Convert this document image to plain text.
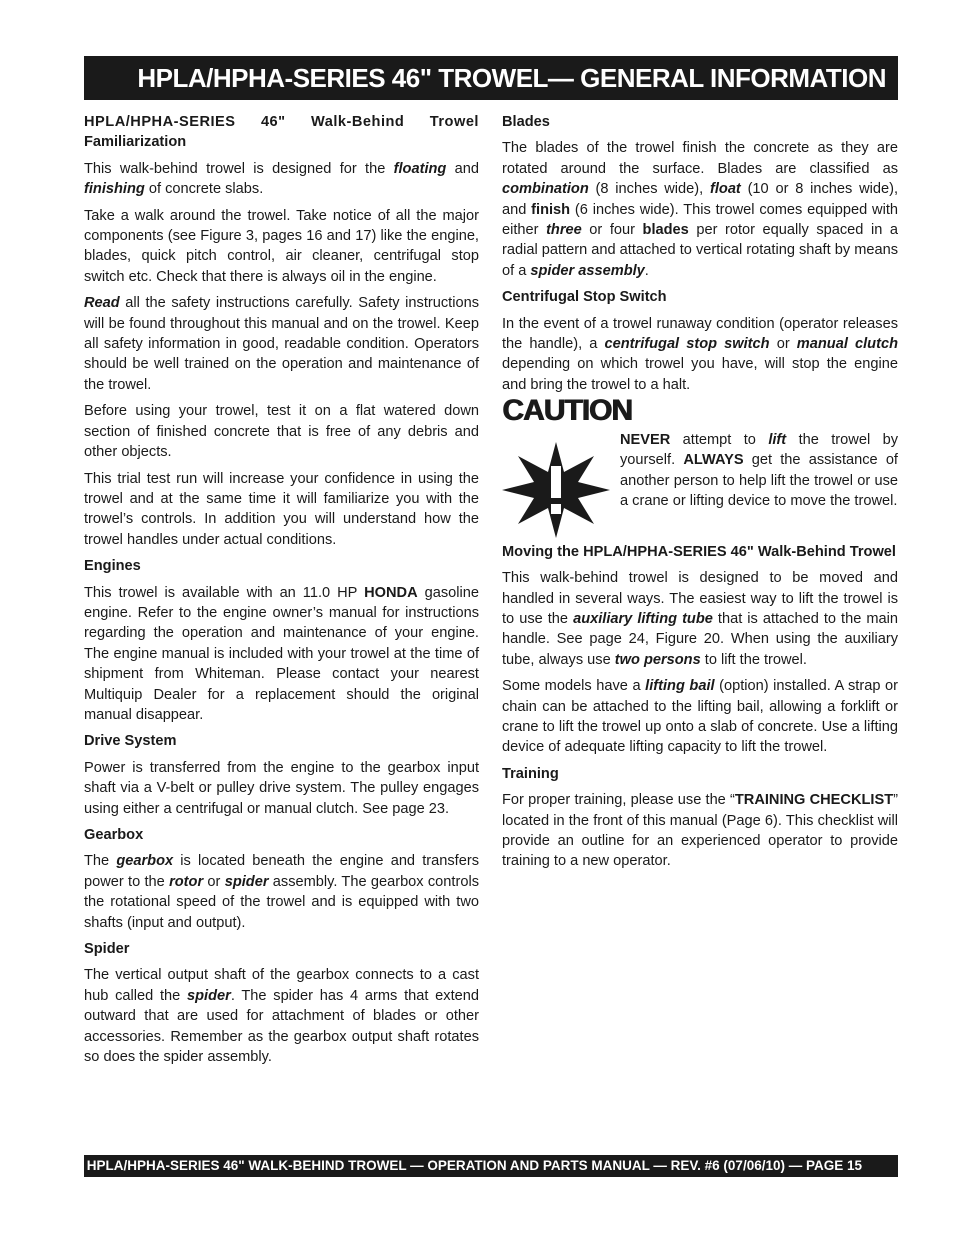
HPLA/HPHA-SERIES 46" TROWEL— GENERAL INFORMATION
HPLA/HPHA-SERIES 46" Walk-Behind Trowel
Familiarization

This walk-behind trowel is designed for the floating and finishing of concrete slabs.

Take a walk around the trowel. Take notice of all the major components (see Figure 3, pages 16 and 17) like the engine, blades, quick pitch control, air cleaner, centrifugal stop switch etc. Check that there is always oil in the engine.

Read all the safety instructions carefully. Safety instructions will be found throughout this manual and on the trowel. Keep all safety information in good, readable condition. Operators should be well trained on the operation and maintenance of the trowel.

Before using your trowel, test it on a flat watered down section of finished concrete that is free of any debris and other objects.

This trial test run will increase your confidence in using the trowel and at the same time it will familiarize you with the trowel’s controls. In addition you will understand how the trowel handles under actual conditions.

Engines

This trowel is available with an 11.0 HP HONDA gasoline engine. Refer to the engine owner’s manual for instructions regarding the operation and maintenance of your engine. The engine manual is included with your trowel at the time of shipment from Whiteman. Please contact your nearest Multiquip Dealer for a replacement should the original manual disappear.

Drive System

Power is transferred from the engine to the gearbox input shaft via a V-belt or pulley drive system. The pulley engages using either a centrifugal or manual clutch. See page 23.

Gearbox

The gearbox is located beneath the engine and transfers power to the rotor or spider assembly. The gearbox controls the rotational speed of the trowel and is equipped with two shafts (input and output).

Spider

The vertical output shaft of the gearbox connects to a cast hub called the spider. The spider has 4 arms that extend outward that are used for attachment of blades or other accessories. Remember as the gearbox output shaft rotates so does the spider assembly.

Blades

The blades of the trowel finish the concrete as they are rotated around the surface. Blades are classified as combination (8 inches wide), float (10 or 8 inches wide), and finish (6 inches wide). This trowel comes equipped with either three or four blades per rotor equally spaced in a radial pattern and attached to vertical rotating shaft by means of a spider assembly.

Centrifugal Stop Switch

In the event of a trowel runaway condition (operator releases the handle), a centrifugal stop switch or manual clutch depending on which trowel you have, will stop the engine and bring the trowel to a halt.

CAUTION

NEVER attempt to lift the trowel by yourself. ALWAYS get the assistance of another person to help lift the trowel or use a crane or lifting device to move the trowel.

Moving the HPLA/HPHA-SERIES 46" Walk-Behind Trowel

This walk-behind trowel is designed to be moved and handled in several ways. The easiest way to lift the trowel is to use the auxiliary lifting tube that is attached to the main handle. See page 24, Figure 20. When using the auxiliary tube, always use two persons to lift the trowel.

Some models have a lifting bail (option) installed. A strap or chain can be attached to the lifting bail, allowing a forklift or crane to lift the trowel up onto a slab of concrete. Use a lifting device of adequate lifting capacity to lift the trowel.

Training

For proper training, please use the “TRAINING CHECKLIST” located in the front of this manual (Page 6). This checklist will provide an outline for an experienced operator to provide training to a new operator.

HPLA/HPHA-SERIES 46" WALK-BEHIND TROWEL — OPERATION AND PARTS MANUAL — REV. #6 (07/06/10) — PAGE 15
